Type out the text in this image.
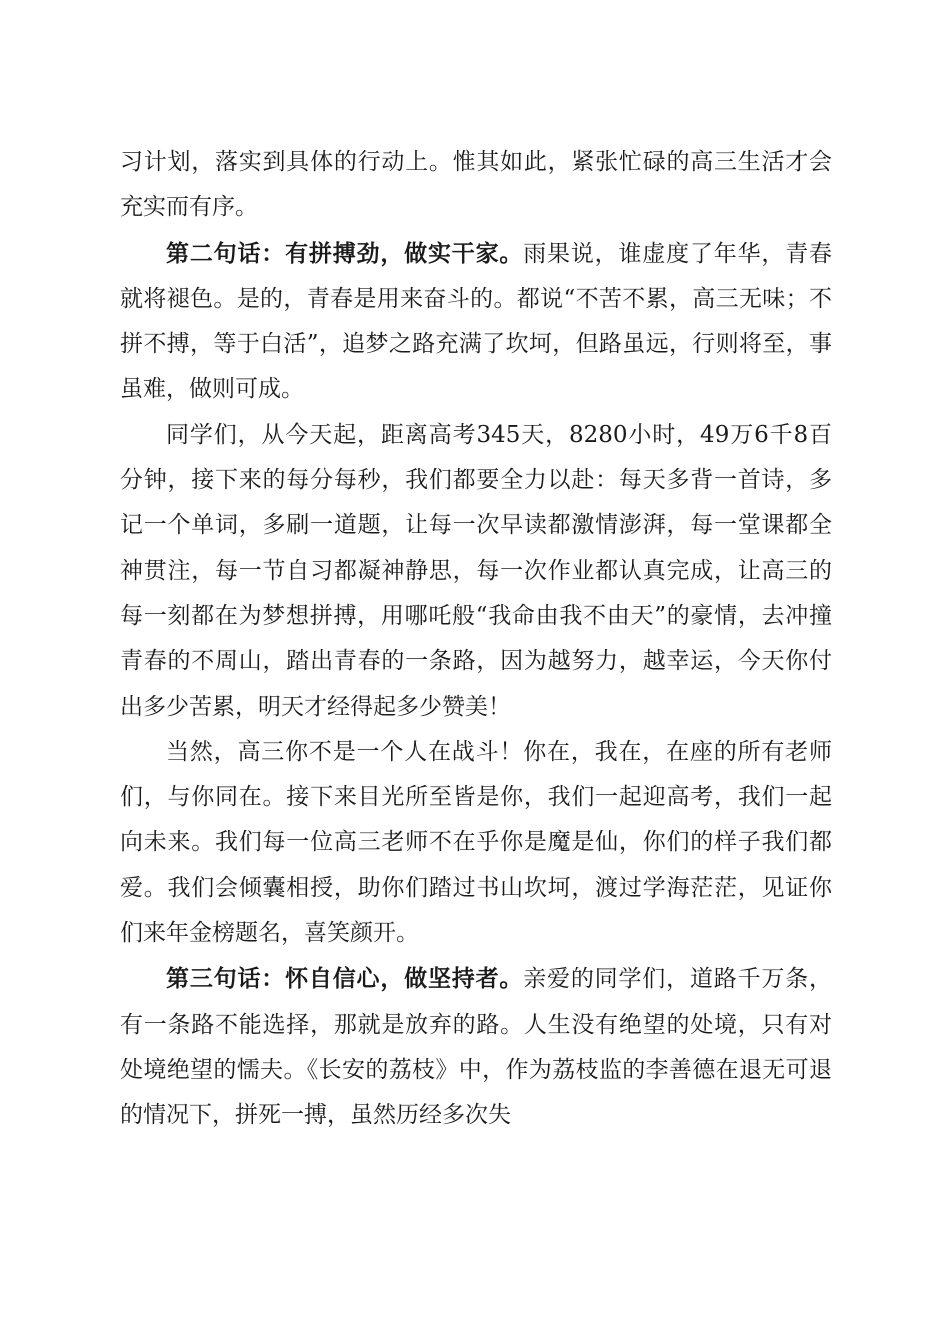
习计划，落实到具体的行动上。惟其如此，紧张忙碌的高三生活才会充实而有序。

第二句话：有拼搏劲，做实干家。雨果说，谁虚度了年华，青春就将褪色。是的，青春是用来奋斗的。都说“不苦不累，高三无味；不拼不搏，等于白活”，追梦之路充满了坎坷，但路虽远，行则将至，事虽难，做则可成。

同学们，从今天起，距离高考345天，8280小时，49万6千8百分钟，接下来的每分每秒，我们都要全力以赴：每天多背一首诗，多记一个单词，多刷一道题，让每一次早读都激情澎湃，每一堂课都全神贯注，每一节自习都凝神静思，每一次作业都认真完成，让高三的每一刻都在为梦想拼搏，用哪吒般“我命由我不由天”的豪情，去冲撞青春的不周山，踏出青春的一条路，因为越努力，越幸运，今天你付出多少苦累，明天才经得起多少赞美！

当然，高三你不是一个人在战斗！你在，我在，在座的所有老师们，与你同在。接下来目光所至皆是你，我们一起迎高考，我们一起向未来。我们每一位高三老师不在乎你是魔是仙，你们的样子我们都爱。我们会倾囊相授，助你们踏过书山坎坷，渡过学海茫茫，见证你们来年金榜题名，喜笑颜开。

第三句话：怀自信心，做坚持者。亲爱的同学们，道路千万条，有一条路不能选择，那就是放弃的路。人生没有绝望的处境，只有对处境绝望的懦夫。《长安的荔枝》中，作为荔枝监的李善德在退无可退的情况下，拼死一搏，虽然历经多次失
